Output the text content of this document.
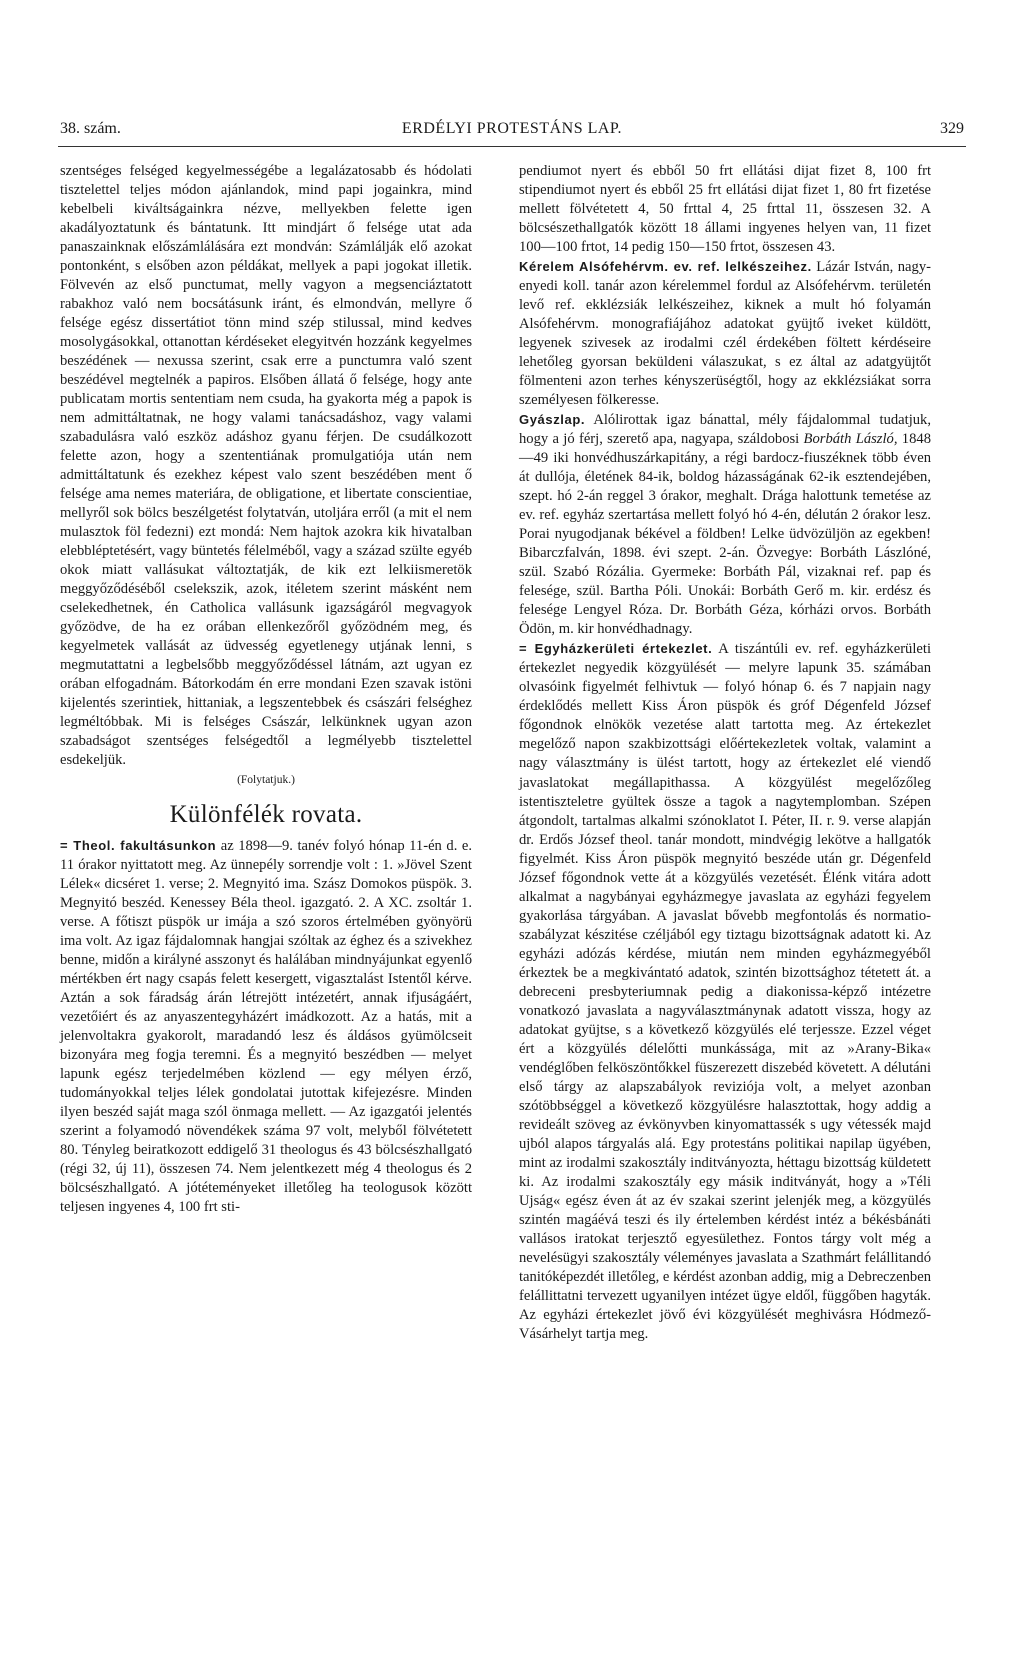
38. szám.	ERDÉLYI PROTESTÁNS LAP.	329

szentséges felséged kegyelmességébe a legalázatosabb és hódolati tisztelettel teljes módon ajánlandok, mind papi jogainkra, mind kebelbeli kiváltságainkra nézve, mellyekben felette igen akadályoztatunk és bántatunk. Itt mindjárt ő felsége utat ada panaszainknak előszámlálására ezt mondván: Számlálják elő azokat pontonként, s elsőben azon példákat, mellyek a papi jogokat illetik. Fölvevén az első punctumat, melly vagyon a megsenciáztatott rabakhoz való nem bocsátásunk iránt, és elmondván, mellyre ő felsége egész dissertátiot tönn mind szép stilussal, mind kedves mosolygásokkal, ottanottan kérdéseket elegyitvén hozzánk kegyelmes beszédének — nexussa szerint, csak erre a punctumra való szent beszédével megtelnék a papiros. Elsőben állatá ő felsége, hogy ante publicatam mortis sententiam nem csuda, ha gyakorta még a papok is nem admittáltatnak, ne hogy valami tanácsadáshoz, vagy valami szabadulásra való eszköz adáshoz gyanu férjen. De csudálkozott felette azon, hogy a szententiának promulgatiója után nem admittáltatunk és ezekhez képest valo szent beszédében ment ő felsége ama nemes materiára, de obligatione, et libertate conscientiae, mellyről sok bölcs beszélgetést folytatván, utoljára erről (a mit el nem mulasztok föl fedezni) ezt mondá: Nem hajtok azokra kik hivatalban elebbléptetésért, vagy büntetés félelméből, vagy a század szülte egyéb okok miatt vallásukat változtatják, de kik ezt lelkiismeretök meggyőződéséből cselekszik, azok, itéletem szerint másként nem cselekedhetnek, én Catholica vallásunk igazságáról megvagyok győzödve, de ha ez orában ellenkezőről győzödném meg, és kegyelmetek vallását az üdvesség egyetlenegy utjának lenni, s megmutattatni a legbelsőbb meggyőződéssel látnám, azt ugyan ez orában elfogadnám. Bátorkodám én erre mondani Ezen szavak istöni kijelentés szerintiek, hittaniak, a legszentebbek és császári felséghez legméltóbbak. Mi is felséges Császár, lelkünknek ugyan azon szabadságot szentséges felségedtől a legmélyebb tisztelettel esdekeljük.

(Folytatjuk.)

Különfélék rovata.

= Theol. fakultásunkon az 1898—9. tanév folyó hónap 11-én d. e. 11 órakor nyittatott meg. Az ünnepély sorrendje volt : 1. »Jövel Szent Lélek« dicséret 1. verse; 2. Megnyitó ima. Szász Domokos püspök. 3. Megnyitó beszéd. Kenessey Béla theol. igazgató. 2. A XC. zsoltár 1. verse. A főtiszt püspök ur imája a szó szoros értelmében gyönyörü ima volt. Az igaz fájdalomnak hangjai szóltak az éghez és a szivekhez benne, midőn a királyné asszonyt és halálában mindnyájunkat egyenlő mértékben ért nagy csapás felett kesergett, vigasztalást Istentől kérve. Aztán a sok fáradság árán létrejött intézetért, annak ifjuságáért, vezetőiért és az anyaszentegyházért imádkozott. Az a hatás, mit a jelenvoltakra gyakorolt, maradandó lesz és áldásos gyümölcseit bizonyára meg fogja teremni. És a megnyitó beszédben — melyet lapunk egész terjedelmében közlend — egy mélyen érző, tudományokkal teljes lélek gondolatai jutottak kifejezésre. Minden ilyen beszéd saját maga szól önmaga mellett. — Az igazgatói jelentés szerint a folyamodó növendékek száma 97 volt, melyből fölvétetett 80. Tényleg beiratkozott eddigelő 31 theologus és 43 bölcsészhallgató (régi 32, új 11), összesen 74. Nem jelentkezett még 4 theologus és 2 bölcsészhallgató. A jótéteményeket illetőleg ha teologusok között teljesen ingyenes 4, 100 frt sti-

pendiumot nyert és ebből 50 frt ellátási dijat fizet 8, 100 frt stipendiumot nyert és ebből 25 frt ellátási dijat fizet 1, 80 frt fizetése mellett fölvétetett 4, 50 frttal 4, 25 frttal 11, összesen 32. A bölcsészethallgatók között 18 állami ingyenes helyen van, 11 fizet 100—100 frtot, 14 pedig 150—150 frtot, összesen 43.

Kérelem Alsófehérvm. ev. ref. lelkészeihez. Lázár István, nagy-enyedi koll. tanár azon kérelemmel fordul az Alsófehérvm. területén levő ref. ekklézsiák lelkészeihez, kiknek a mult hó folyamán Alsófehérvm. monografiájához adatokat gyüjtő iveket küldött, legyenek szivesek az irodalmi czél érdekében föltett kérdéseire lehetőleg gyorsan beküldeni válaszukat, s ez által az adatgyüjtőt fölmenteni azon terhes kényszerüségtől, hogy az ekklézsiákat sorra személyesen fölkeresse.

Gyászlap. Alólirottak igaz bánattal, mély fájdalommal tudatjuk, hogy a jó férj, szerető apa, nagyapa, száldobosi Borbáth László, 1848—49 iki honvédhuszárkapitány, a régi bardocz-fiuszéknek több éven át dullója, életének 84-ik, boldog házasságának 62-ik esztendejében, szept. hó 2-án reggel 3 órakor, meghalt. Drága halottunk temetése az ev. ref. egyház szertartása mellett folyó hó 4-én, délután 2 órakor lesz. Porai nyugodjanak békével a földben! Lelke üdvözüljön az egekben! Bibarczfalván, 1898. évi szept. 2-án. Özvegye: Borbáth Lászlóné, szül. Szabó Rózália. Gyermeke: Borbáth Pál, vizaknai ref. pap és felesége, szül. Bartha Póli. Unokái: Borbáth Gerő m. kir. erdész és felesége Lengyel Róza. Dr. Borbáth Géza, kórházi orvos. Borbáth Ödön, m. kir honvédhadnagy.

= Egyházkerületi értekezlet. A tiszántúli ev. ref. egyházkerületi értekezlet negyedik közgyülését — melyre lapunk 35. számában olvasóink figyelmét felhivtuk — folyó hónap 6. és 7 napjain nagy érdeklődés mellett Kiss Áron püspök és gróf Dégenfeld József főgondnok elnökök vezetése alatt tartotta meg. Az értekezlet megelőző napon szakbizottsági előértekezletek voltak, valamint a nagy választmány is ülést tartott, hogy az értekezlet elé viendő javaslatokat megállapithassa. A közgyülést megelőzőleg istentiszteletre gyültek össze a tagok a nagytemplomban. Szépen átgondolt, tartalmas alkalmi szónoklatot I. Péter, II. r. 9. verse alapján dr. Erdős József theol. tanár mondott, mindvégig lekötve a hallgatók figyelmét. Kiss Áron püspök megnyitó beszéde után gr. Dégenfeld József főgondnok vette át a közgyülés vezetését. Élénk vitára adott alkalmat a nagybányai egyházmegye javaslata az egyházi fegyelem gyakorlása tárgyában. A javaslat bővebb megfontolás és normatio-szabályzat készitése czéljából egy tiztagu bizottságnak adatott ki. Az egyházi adózás kérdése, miután nem minden egyházmegyéből érkeztek be a megkivántató adatok, szintén bizottsághoz tétetett át. a debreceni presbyteriumnak pedig a diakonissa-képző intézetre vonatkozó javaslata a nagyválasztmánynak adatott vissza, hogy az adatokat gyüjtse, s a következő közgyülés elé terjessze. Ezzel véget ért a közgyülés délelőtti munkássága, mit az »Arany-Bika« vendéglőben felköszöntőkkel füszerezett diszebéd követett. A délutáni első tárgy az alapszabályok reviziója volt, a melyet azonban szótöbbséggel a következő közgyülésre halasztottak, hogy addig a revideált szöveg az évkönyvben kinyomattassék s ugy vétessék majd ujból alapos tárgyalás alá. Egy protestáns politikai napilap ügyében, mint az irodalmi szakosztály inditványozta, héttagu bizottság küldetett ki. Az irodalmi szakosztály egy másik inditványát, hogy a »Téli Ujság« egész éven át az év szakai szerint jelenjék meg, a közgyülés szintén magáévá teszi és ily értelemben kérdést intéz a békésbánáti vallásos iratokat terjesztő egyesülethez. Fontos tárgy volt még a nevelésügyi szakosztály véleményes javaslata a Szathmárt felállitandó tanitóképezdét illetőleg, e kérdést azonban addig, mig a Debreczenben felállittatni tervezett ugyanilyen intézet ügye eldől, függőben hagyták. Az egyházi értekezlet jövő évi közgyülését meghivásra Hódmező-Vásárhelyt tartja meg.
